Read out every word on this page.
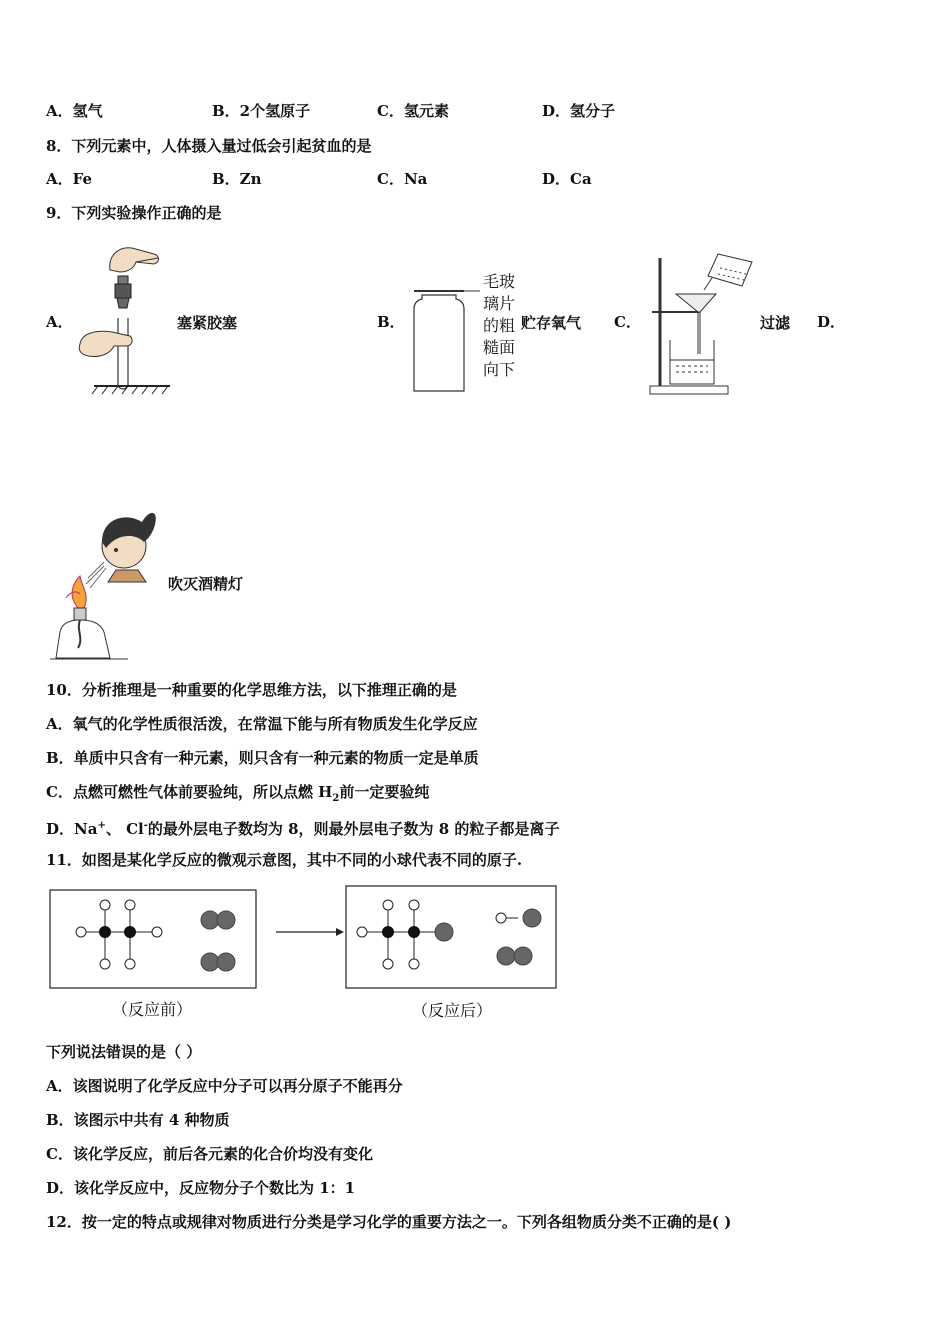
A．氢气	B．2个氢原子	C．氢元素	D．氢分子
8．下列元素中，人体摄入量过低会引起贫血的是
A．Fe	B．Zn	C．Na	D．Ca
9．下列实验操作正确的是
A．	塞紧胶塞	B．
毛玻
璃片
的粗
糙面
向下
贮存氧气 C．	过滤 D．
吹灭酒精灯
10．分析推理是一种重要的化学思维方法，以下推理正确的是
A．氧气的化学性质很活泼，在常温下能与所有物质发生化学反应
B．单质中只含有一种元素，则只含有一种元素的物质一定是单质
C．点燃可燃性气体前要验纯，所以点燃 $H_2$前一定要验纯
D．Na+、 Cl-的最外层电子数均为 8，则最外层电子数为 8 的粒子都是离子
11．如图是某化学反应的微观示意图，其中不同的小球代表不同的原子.
（反应前）	（反应后）
下列说法错误的是（ ）
A．该图说明了化学反应中分子可以再分原子不能再分
B．该图示中共有 4 种物质
C．该化学反应，前后各元素的化合价均没有变化
D．该化学反应中，反应物分子个数比为 1：1
12．按一定的特点或规律对物质进行分类是学习化学的重要方法之一。下列各组物质分类不正确的是( )
